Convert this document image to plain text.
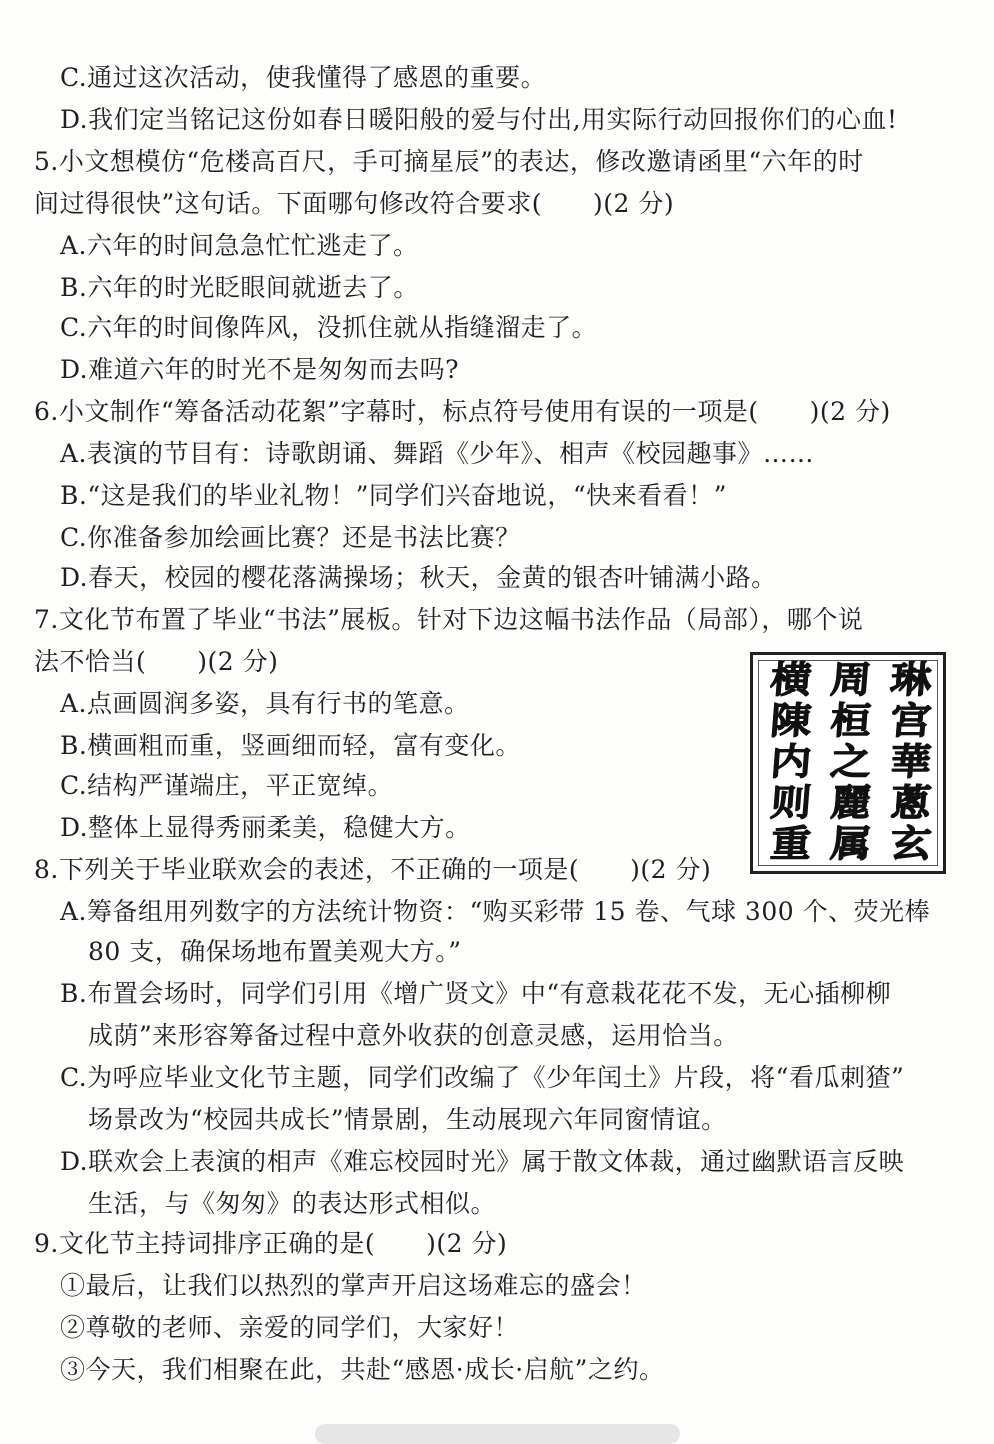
C.通过这次活动，使我懂得了感恩的重要。
D.我们定当铭记这份如春日暖阳般的爱与付出,用实际行动回报你们的心血!
5.小文想模仿“危楼高百尺，手可摘星辰”的表达，修改邀请函里“六年的时
间过得很快”这句话。下面哪句修改符合要求(　　)(2 分)
A.六年的时间急急忙忙逃走了。
B.六年的时光眨眼间就逝去了。
C.六年的时间像阵风，没抓住就从指缝溜走了。
D.难道六年的时光不是匆匆而去吗?
6.小文制作“筹备活动花絮”字幕时，标点符号使用有误的一项是(　　)(2 分)
A.表演的节目有：诗歌朗诵、舞蹈《少年》、相声《校园趣事》……
B.“这是我们的毕业礼物！”同学们兴奋地说，“快来看看！”
C.你准备参加绘画比赛？还是书法比赛？
D.春天，校园的樱花落满操场；秋天，金黄的银杏叶铺满小路。
7.文化节布置了毕业“书法”展板。针对下边这幅书法作品（局部），哪个说
法不恰当(　　)(2 分)
A.点画圆润多姿，具有行书的笔意。
B.横画粗而重，竖画细而轻，富有变化。
C.结构严谨端庄，平正宽绰。
D.整体上显得秀丽柔美，稳健大方。
8.下列关于毕业联欢会的表述，不正确的一项是(　　)(2 分)
A.筹备组用列数字的方法统计物资：“购买彩带 15 卷、气球 300 个、荧光棒
80 支，确保场地布置美观大方。”
B.布置会场时，同学们引用《增广贤文》中“有意栽花花不发，无心插柳柳
成荫”来形容筹备过程中意外收获的创意灵感，运用恰当。
C.为呼应毕业文化节主题，同学们改编了《少年闰土》片段，将“看瓜刺猹”
场景改为“校园共成长”情景剧，生动展现六年同窗情谊。
D.联欢会上表演的相声《难忘校园时光》属于散文体裁，通过幽默语言反映
生活，与《匆匆》的表达形式相似。
9.文化节主持词排序正确的是(　　)(2 分)
①最后，让我们以热烈的掌声开启这场难忘的盛会！
②尊敬的老师、亲爱的同学们，大家好！
③今天，我们相聚在此，共赴“感恩·成长·启航”之约。
琳
宫
華
蔥
玄
周
桓
之
麗
属
横
陳
内
则
重
